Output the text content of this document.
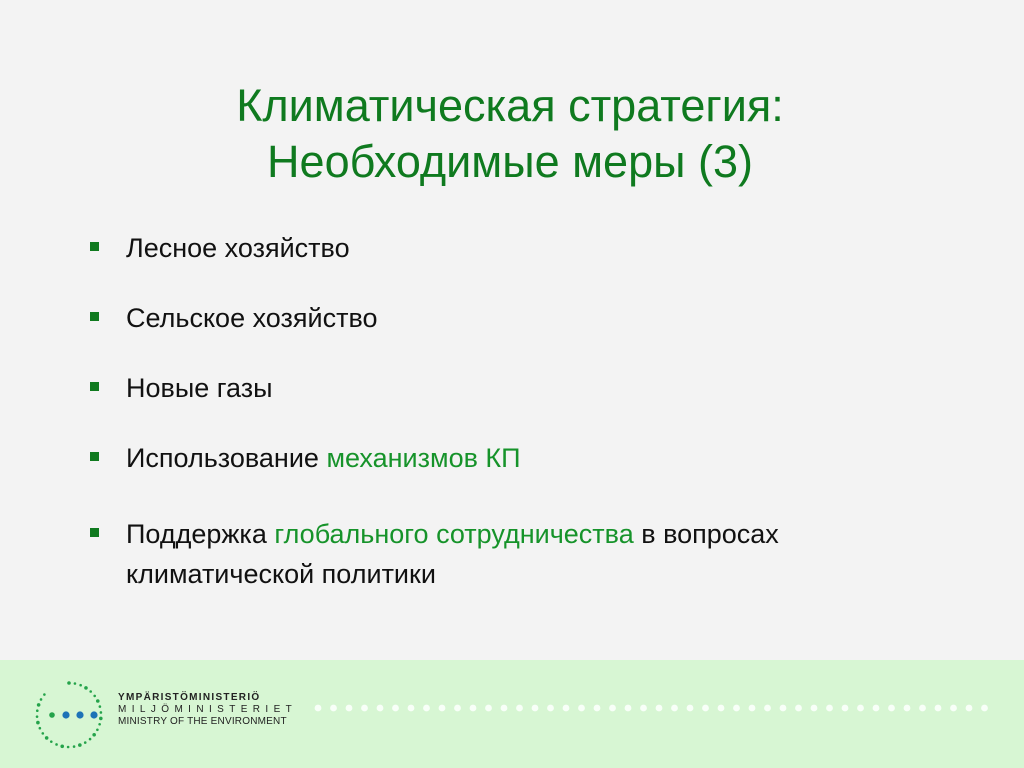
Климатическая стратегия:
Необходимые меры (3)
Лесное хозяйство
Сельское хозяйство
Новые газы
Использование механизмов КП
Поддержка глобального сотрудничества в вопросах климатической политики
YMPÄRISTÖMINISTERIÖ
MILJÖMINISTERIET
MINISTRY OF THE ENVIRONMENT
